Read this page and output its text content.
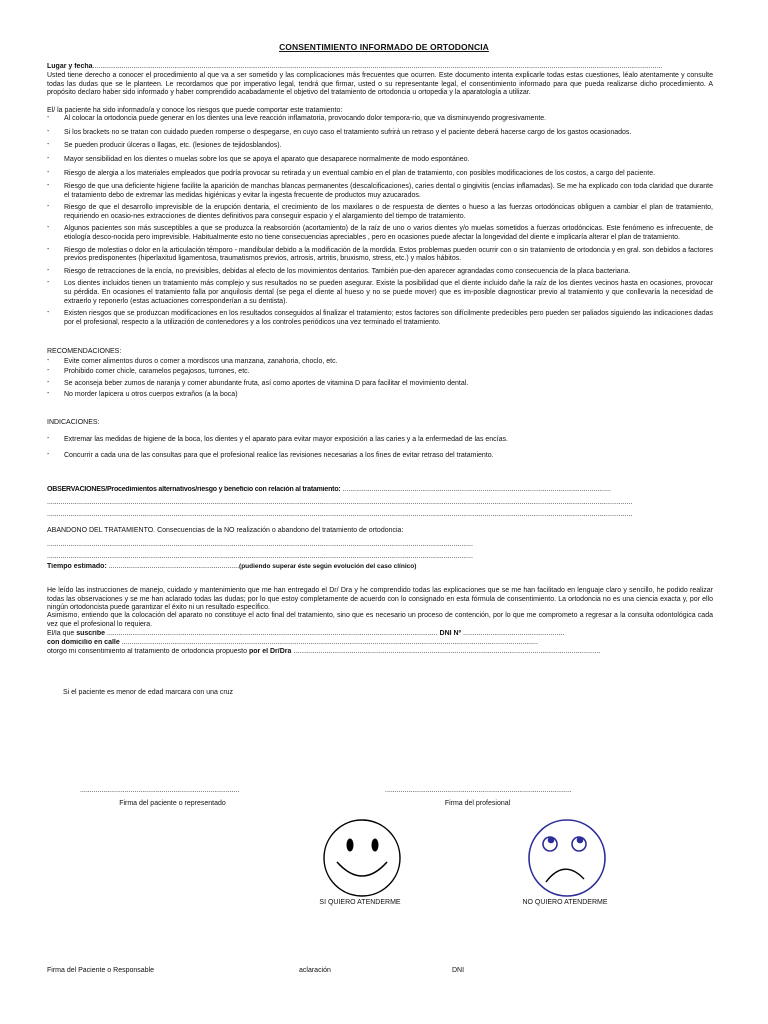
CONSENTIMIENTO INFORMADO DE ORTODONCIA
Lugar y fecha.....................................................................................................................................................................................................................................................................................................
Usted tiene derecho a conocer el procedimiento al que va a ser sometido y las complicaciones más frecuentes que ocurren. Este documento intenta explicarle todas estas cuestiones, léalo atentamente y consulte todas las dudas que se le planteen. Le recordamos que por imperativo legal, tendrá que firmar, usted o su representante legal, el consentimiento informado para que pueda realizarse dicho procedimiento. A propósito declaro haber sido informado y haber comprendido acabadamente el objetivo del tratamiento de ortodoncia u ortopedia y la aparatología a utilizar.
El/ la paciente ha sido informado/a y conoce los riesgos que puede comportar este tratamiento:
- Al colocar la ortodoncia puede generar en los dientes una leve reacción inflamatoria, provocando dolor tempora-rio, que va disminuyendo progresivamente.
- Si los brackets no se tratan con cuidado pueden romperse o despegarse, en cuyo caso el tratamiento sufrirá un retraso y el paciente deberá hacerse cargo de los gastos ocasionados.
- Se pueden producir úlceras o llagas, etc. (lesiones de tejidosblandos).
- Mayor sensibilidad en los dientes o muelas sobre los que se apoya el aparato que desaparece normalmente de modo espontáneo.
- Riesgo de alergia a los materiales empleados que podría provocar su retirada y un eventual cambio en el plan de tratamiento, con posibles modificaciones de los costos, a cargo del paciente.
- Riesgo de que una deficiente higiene facilite la aparición de manchas blancas permanentes (descalcificaciones), caries dental o gingivitis (encías inflamadas). Se me ha explicado con toda claridad que durante el tratamiento debo de extremar las medidas higiénicas y evitar la ingesta frecuente de productos muy azucarados.
- Riesgo de que el desarrollo imprevisible de la erupción dentaria, el crecimiento de los maxilares o de respuesta de dientes o hueso a las fuerzas ortodóncicas obliguen a cambiar el plan de tratamiento, requiriendo en ocasio-nes extracciones de dientes definitivos para conseguir espacio y el alargamiento del tiempo de tratamiento.
- Algunos pacientes son más susceptibles a que se produzca la reabsorción (acortamiento) de la raíz de uno o varios dientes y/o muelas sometidos a fuerzas ortodóncicas. Este fenómeno es infrecuente, de etiología desco-nocida pero imprevisible. Habitualmente esto no tiene consecuencias apreciables , pero en ocasiones puede afectar la longevidad del diente e implicaría alterar el plan de tratamiento.
- Riesgo de molestias o dolor en la articulación témporo - mandibular debido a la modificación de la mordida. Estos problemas pueden ocurrir con o sin tratamiento de ortodoncia y en gral. son debidos a factores previos predisponentes (hiperlaxitud ligamentosa, traumatismos previos, artrosis, artritis, bruxismo, stress, etc.) y malos hábitos.
- Riesgo de retracciones de la encía, no previsibles, debidas al efecto de los movimientos dentarios. También pue-den aparecer agrandadas como consecuencia de la placa bacteriana.
- Los dientes incluidos tienen un tratamiento más complejo y sus resultados no se pueden asegurar. Existe la posibilidad que el diente incluido dañe la raíz de los dientes vecinos hasta en ocasiones, provocar su pérdida. En ocasiones el tratamiento falla por anquilosis dental (se pega el diente al hueso y no se puede mover) que es im-posible diagnosticar previo al tratamiento y que conllevaría la necesidad de extraerlo y reponerlo (estas actuaciones corresponderían a su dentista).
- Existen riesgos que se produzcan modificaciones en los resultados conseguidos al finalizar el tratamiento; estos factores son difícilmente predecibles pero pueden ser paliados siguiendo las indicaciones dadas por el profesional, respecto a la utilización de contenedores y a los controles periódicos una vez terminado el tratamiento.
RECOMENDACIONES:
- Evite comer alimentos duros o comer a mordiscos una manzana, zanahoria, choclo, etc.
- Prohibido comer chicle, caramelos pegajosos, turrones, etc.
- Se aconseja beber zumos de naranja y comer abundante fruta, así como aportes de vitamina D para facilitar el movimiento dental.
- No morder lapicera u otros cuerpos extraños (a la boca)
INDICACIONES:
- Extremar las medidas de higiene de la boca, los dientes y el aparato para evitar mayor exposición a las caries y a la enfermedad de las encías.
- Concurrir a cada una de las consultas para que el profesional realice las revisiones necesarias a los fines de evitar retraso del tratamiento.
OBSERVACIONES/Procedimientos alternativos/riesgo y beneficio con relación al tratamiento: ..........................................................................................................................................
.............................................................................................................................................................................................................................................................................................................
.............................................................................................................................................................................................................................................................................................................
ABANDONO DEL TRATAMIENTO. Consecuencias de la NO realización o abandono del tratamiento de ortodoncia:
...........................................................................................................................................................................................................................
...........................................................................................................................................................................................................................
Tiempo estimado: ...................................................................(pudiendo superar éste según evolución del caso clínico)
He leído las instrucciones de manejo, cuidado y mantenimiento que me han entregado el Dr/ Dra y he comprendido todas las explicaciones que se me han facilitado en lenguaje claro y sencillo, he podido realizar todas las observaciones y se me han aclarado todas las dudas; por lo que estoy completamente de acuerdo con lo consignado en esta fórmula de consentimiento. La ortodoncia no es una ciencia exacta y, por ello ningún ortodoncista puede garantizar el éxito ni un resultado específico.
Asimismo, entiendo que la colocación del aparato no constituye el acto final del tratamiento, sino que es necesario un proceso de contención, por lo que me comprometo a regresar a la consulta odontológica cada vez que el profesional lo requiera.
El/la que suscribe .......................................................................................................................................................................... DNI Nº ....................................................
con domicilio en calle ......................................................................................................................................................................................................................
otorgo mi consentimiento al tratamiento de ortodoncia propuesto por el Dr/Dra ..............................................................................................................................................................
Si el paciente es menor de edad marcara con una cruz
..................................................................................	................................................................................................
Firma del paciente o representado	Firma del profesional
SI QUIERO ATENDERME	NO QUIERO ATENDERME
Firma del Paciente o Responsable	aclaración	DNI
